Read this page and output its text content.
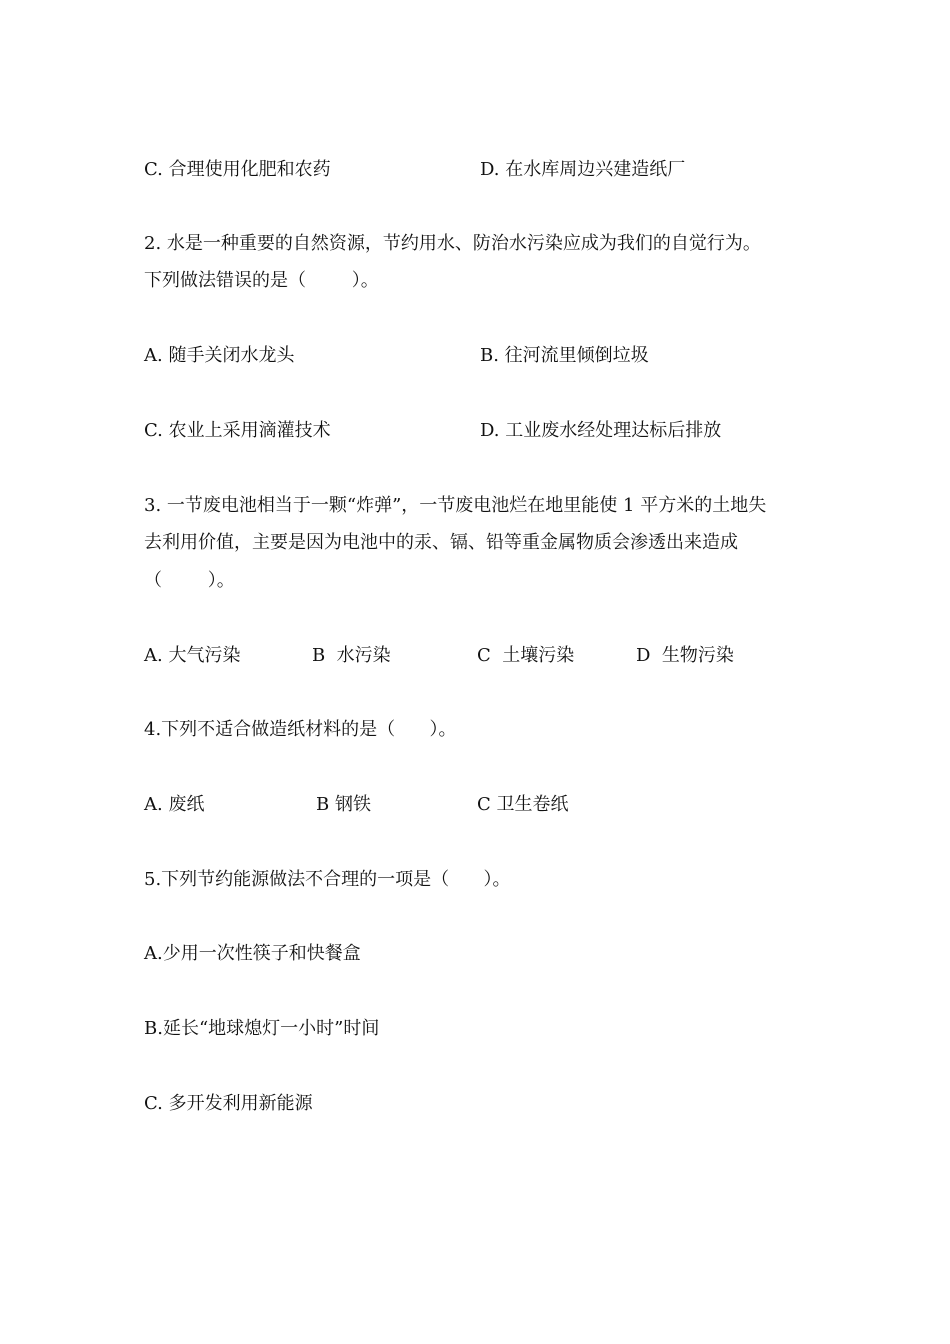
C. 合理使用化肥和农药	D. 在水库周边兴建造纸厂
2. 水是一种重要的自然资源，节约用水、防治水污染应成为我们的自觉行为。
下列做法错误的是（        ）。
A. 随手关闭水龙头	B. 往河流里倾倒垃圾
C. 农业上采用滴灌技术	D. 工业废水经处理达标后排放
3. 一节废电池相当于一颗“炸弹”，一节废电池烂在地里能使 1 平方米的土地失
去利用价值，主要是因为电池中的汞、镉、铅等重金属物质会渗透出来造成
（        ）。
A. 大气污染	B  水污染	C  土壤污染	D  生物污染
4.下列不适合做造纸材料的是（      ）。
A. 废纸	B 钢铁	C 卫生卷纸
5.下列节约能源做法不合理的一项是（      ）。
A.少用一次性筷子和快餐盒
B.延长“地球熄灯一小时”时间
C. 多开发利用新能源
